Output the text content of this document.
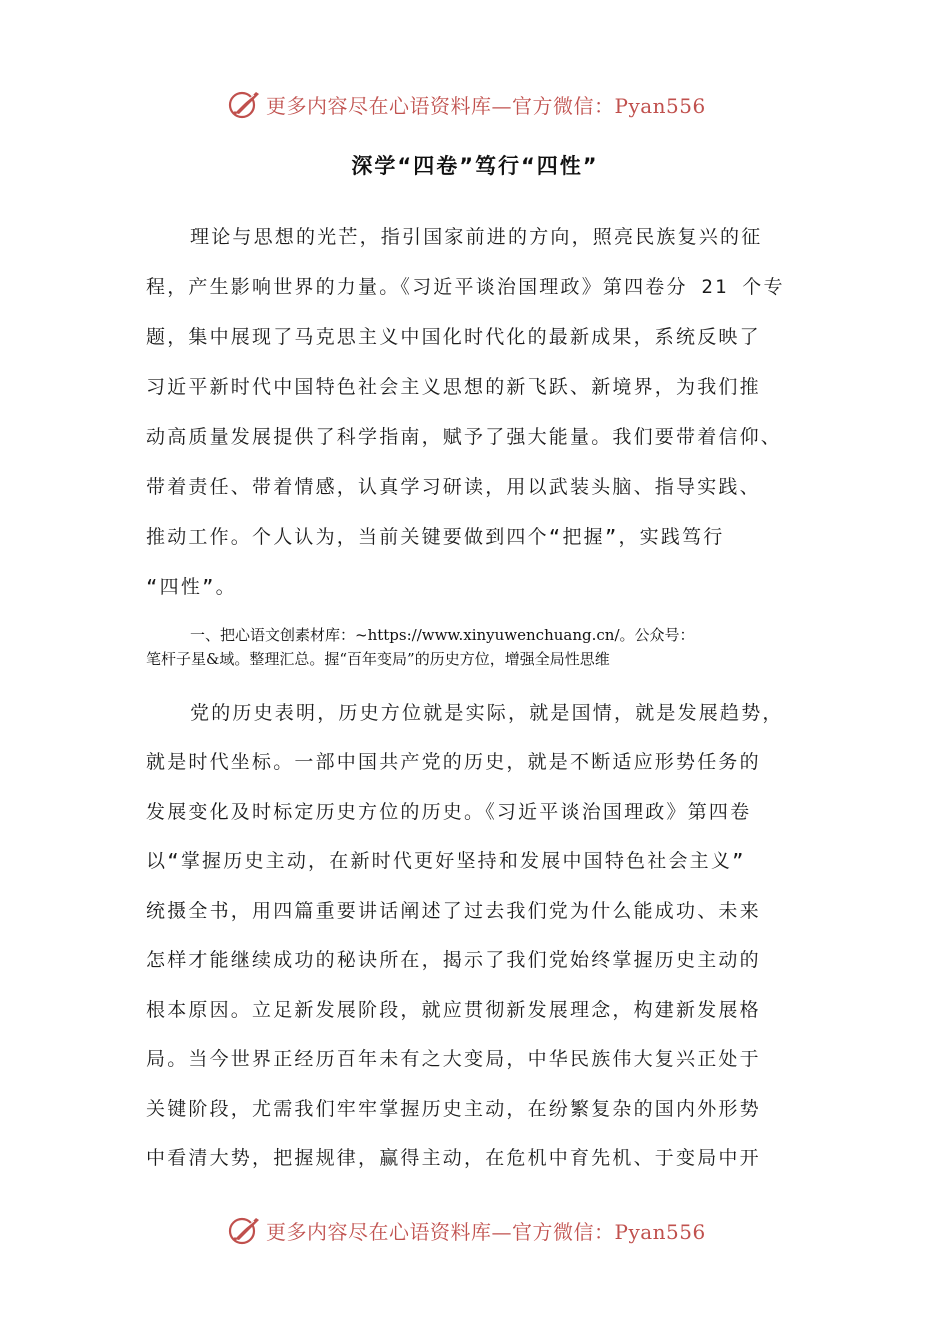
更多内容尽在心语资料库—官方微信：Pyan556
深学“四卷”笃行“四性”
理论与思想的光芒，指引国家前进的方向，照亮民族复兴的征
程，产生影响世界的力量。《习近平谈治国理政》第四卷分 21 个专
题，集中展现了马克思主义中国化时代化的最新成果，系统反映了
习近平新时代中国特色社会主义思想的新飞跃、新境界，为我们推
动高质量发展提供了科学指南，赋予了强大能量。我们要带着信仰、
带着责任、带着情感，认真学习研读，用以武装头脑、指导实践、
推动工作。个人认为，当前关键要做到四个“把握”，实践笃行
“四性”。
一、把心语文创素材库：~https://www.xinyuwenchuang.cn/。公众号：
笔杆子星&域。整理汇总。握“百年变局”的历史方位，增强全局性思维
党的历史表明，历史方位就是实际，就是国情，就是发展趋势，
就是时代坐标。一部中国共产党的历史，就是不断适应形势任务的
发展变化及时标定历史方位的历史。《习近平谈治国理政》第四卷
以“掌握历史主动，在新时代更好坚持和发展中国特色社会主义”
统摄全书，用四篇重要讲话阐述了过去我们党为什么能成功、未来
怎样才能继续成功的秘诀所在，揭示了我们党始终掌握历史主动的
根本原因。立足新发展阶段，就应贯彻新发展理念，构建新发展格
局。当今世界正经历百年未有之大变局，中华民族伟大复兴正处于
关键阶段，尤需我们牢牢掌握历史主动，在纷繁复杂的国内外形势
中看清大势，把握规律，赢得主动，在危机中育先机、于变局中开
更多内容尽在心语资料库—官方微信：Pyan556
